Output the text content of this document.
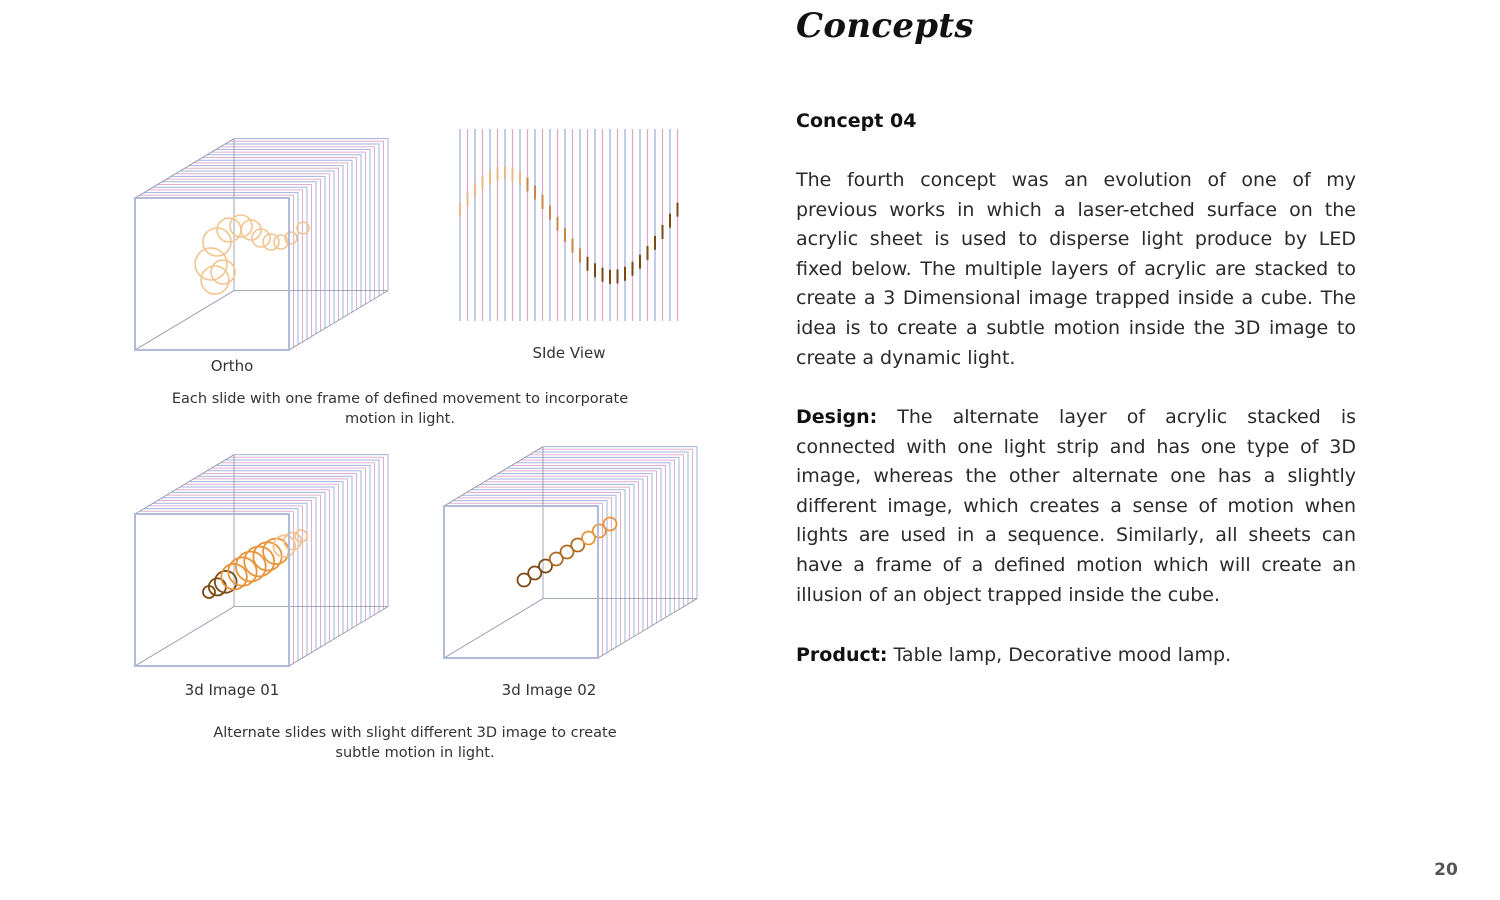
Concepts
Concept 04

The fourth concept was an evolution of one of my previous works in which a laser-etched surface on the acrylic sheet is used to disperse light produce by LED fixed below. The multiple layers of acrylic are stacked to create a 3 Dimensional image trapped inside a cube. The idea is to create a subtle motion inside the 3D image to create a dynamic light.

Design: The alternate layer of acrylic stacked is connected with one light strip and has one type of 3D image, whereas the other alternate one has a slightly different image, which creates a sense of motion when lights are used in a sequence. Similarly, all sheets can have a frame of a defined motion which will create an illusion of an object trapped inside the cube.

Product: Table lamp, Decorative mood lamp.

Ortho

SIde View

Each slide with one frame of defined movement to incorporate motion in light.

3d Image 01	3d Image 02

Alternate slides with slight different 3D image to create subtle motion in light.

20
